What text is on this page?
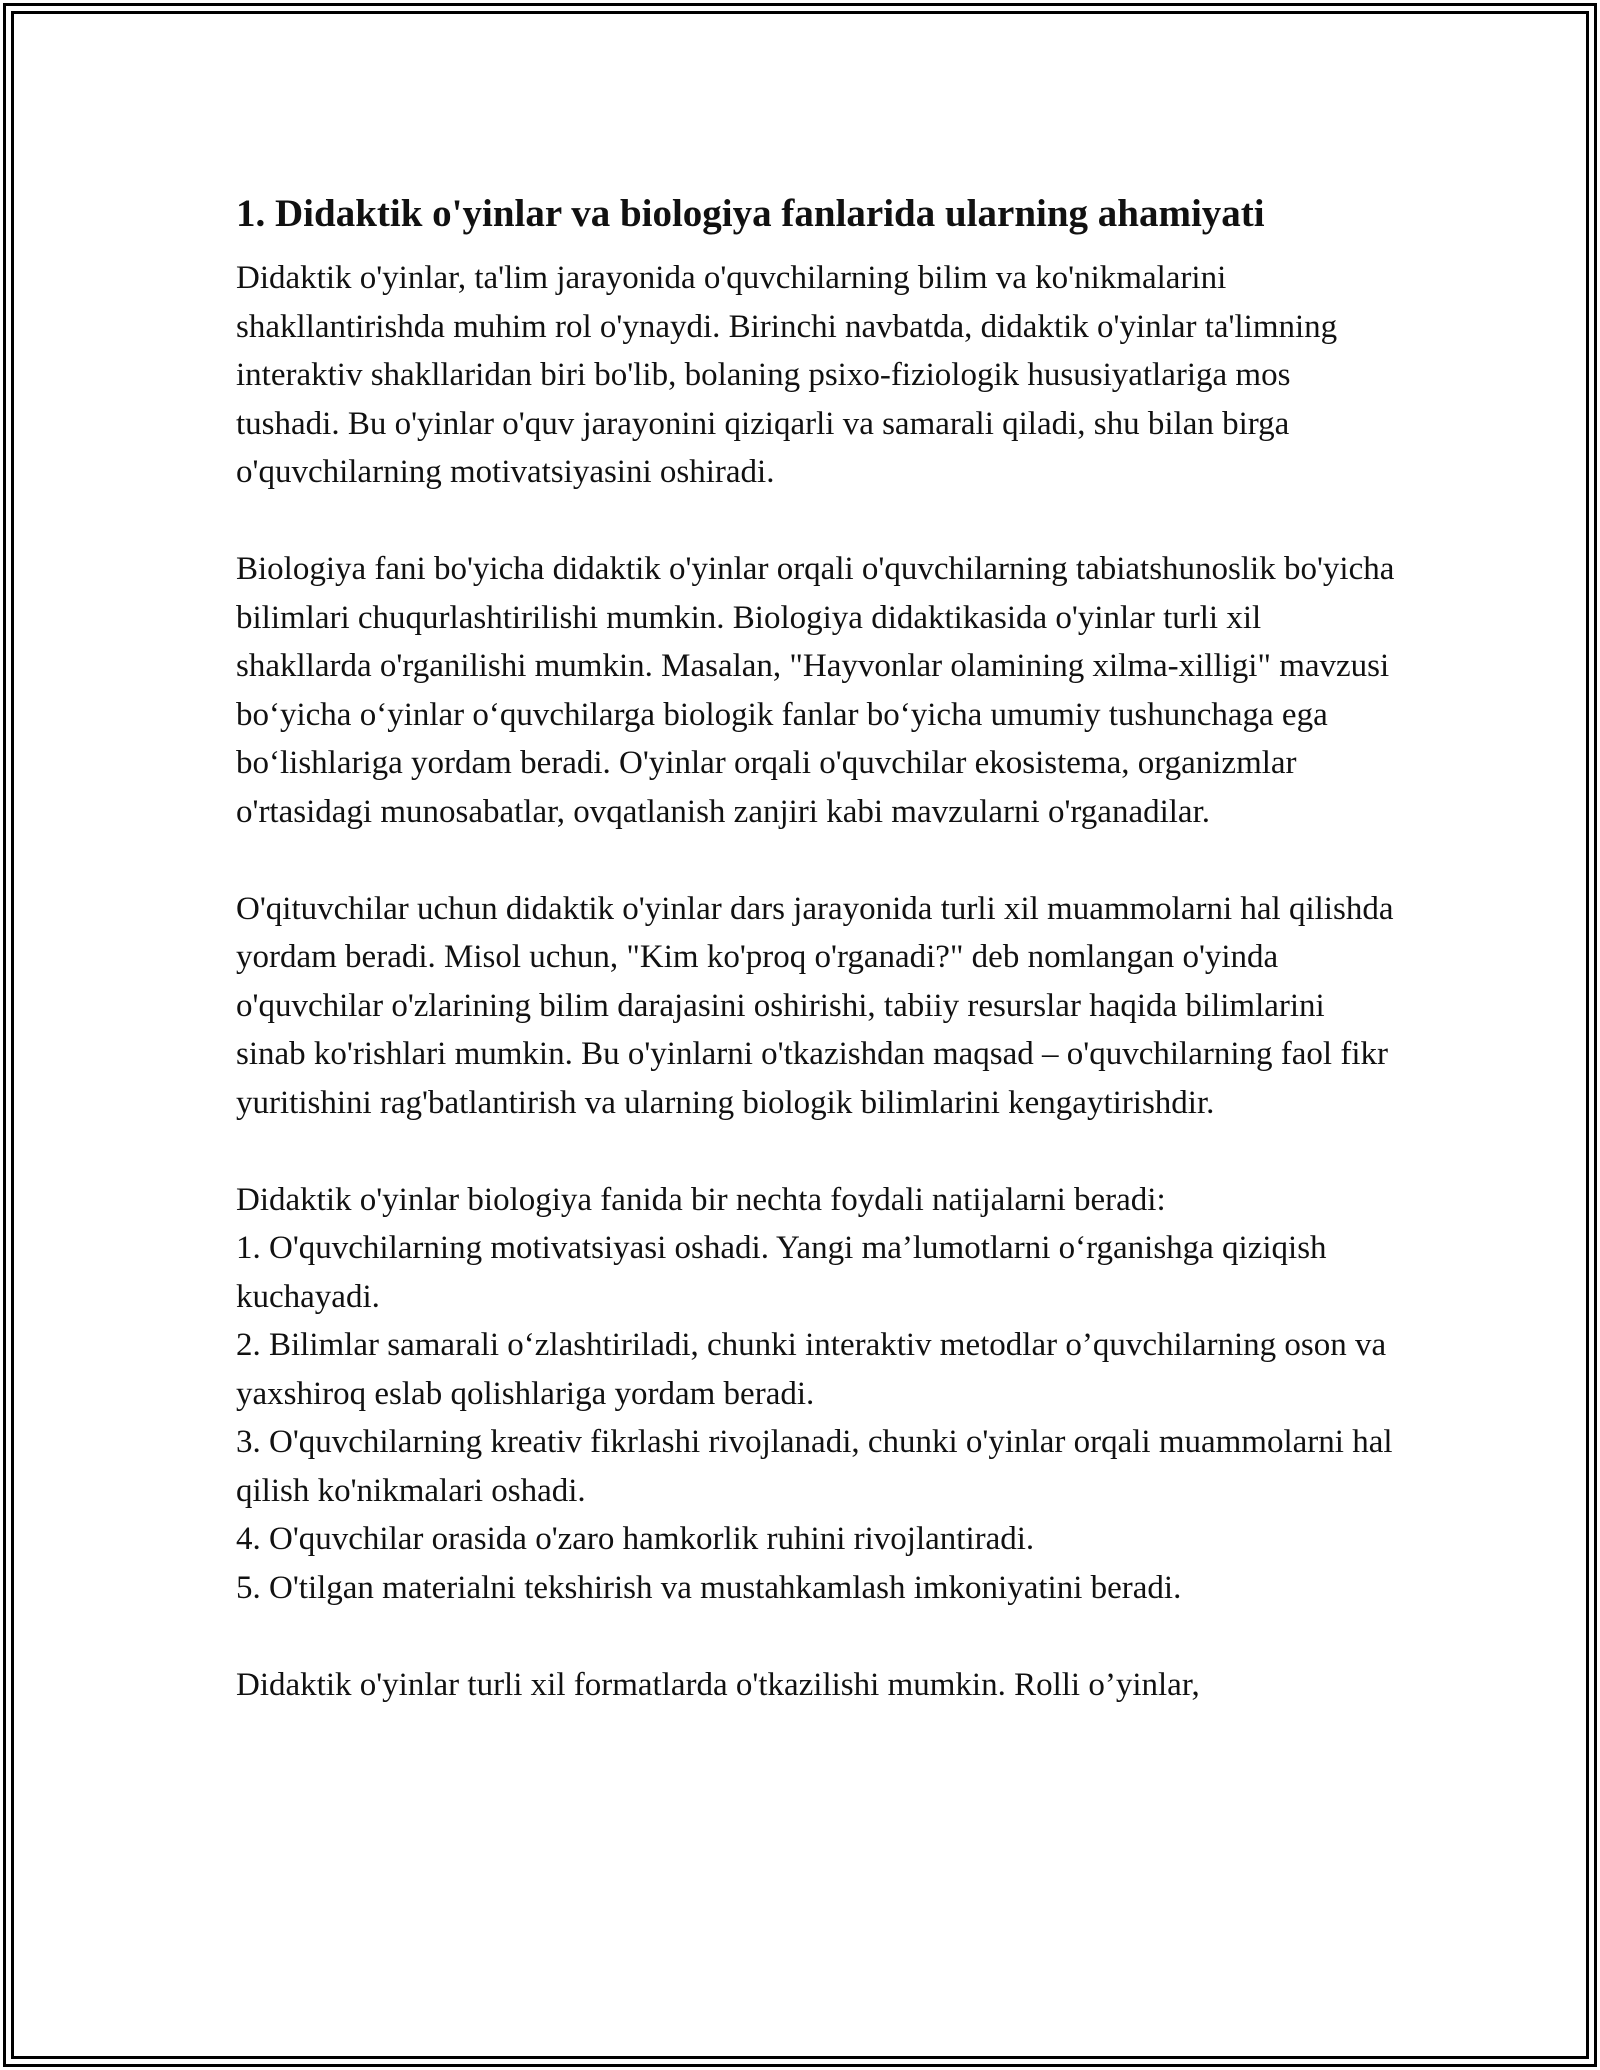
1. Didaktik o'yinlar va biologiya fanlarida ularning ahamiyati

Didaktik o'yinlar, ta'lim jarayonida o'quvchilarning bilim va ko'nikmalarini shakllantirishda muhim rol o'ynaydi. Birinchi navbatda, didaktik o'yinlar ta'limning interaktiv shakllaridan biri bo'lib, bolaning psixo-fiziologik hususiyatlariga mos tushadi. Bu o'yinlar o'quv jarayonini qiziqarli va samarali qiladi, shu bilan birga o'quvchilarning motivatsiyasini oshiradi.

Biologiya fani bo'yicha didaktik o'yinlar orqali o'quvchilarning tabiatshunoslik bo'yicha bilimlari chuqurlashtirilishi mumkin. Biologiya didaktikasida o'yinlar turli xil shakllarda o'rganilishi mumkin. Masalan, "Hayvonlar olamining xilma-xilligi" mavzusi bo‘yicha o‘yinlar o‘quvchilarga biologik fanlar bo‘yicha umumiy tushunchaga ega bo‘lishlariga yordam beradi. O'yinlar orqali o'quvchilar ekosistema, organizmlar o'rtasidagi munosabatlar, ovqatlanish zanjiri kabi mavzularni o'rganadilar.

O'qituvchilar uchun didaktik o'yinlar dars jarayonida turli xil muammolarni hal qilishda yordam beradi. Misol uchun, "Kim ko'proq o'rganadi?" deb nomlangan o'yinda o'quvchilar o'zlarining bilim darajasini oshirishi, tabiiy resurslar haqida bilimlarini sinab ko'rishlari mumkin. Bu o'yinlarni o'tkazishdan maqsad – o'quvchilarning faol fikr yuritishini rag'batlantirish va ularning biologik bilimlarini kengaytirishdir.

Didaktik o'yinlar biologiya fanida bir nechta foydali natijalarni beradi:

1. O'quvchilarning motivatsiyasi oshadi. Yangi ma’lumotlarni o‘rganishga qiziqish kuchayadi.

2. Bilimlar samarali o‘zlashtiriladi, chunki interaktiv metodlar o’quvchilarning oson va yaxshiroq eslab qolishlariga yordam beradi.

3. O'quvchilarning kreativ fikrlashi rivojlanadi, chunki o'yinlar orqali muammolarni hal qilish ko'nikmalari oshadi.

4. O'quvchilar orasida o'zaro hamkorlik ruhini rivojlantiradi.

5. O'tilgan materialni tekshirish va mustahkamlash imkoniyatini beradi.

Didaktik o'yinlar turli xil formatlarda o'tkazilishi mumkin. Rolli o’yinlar,
